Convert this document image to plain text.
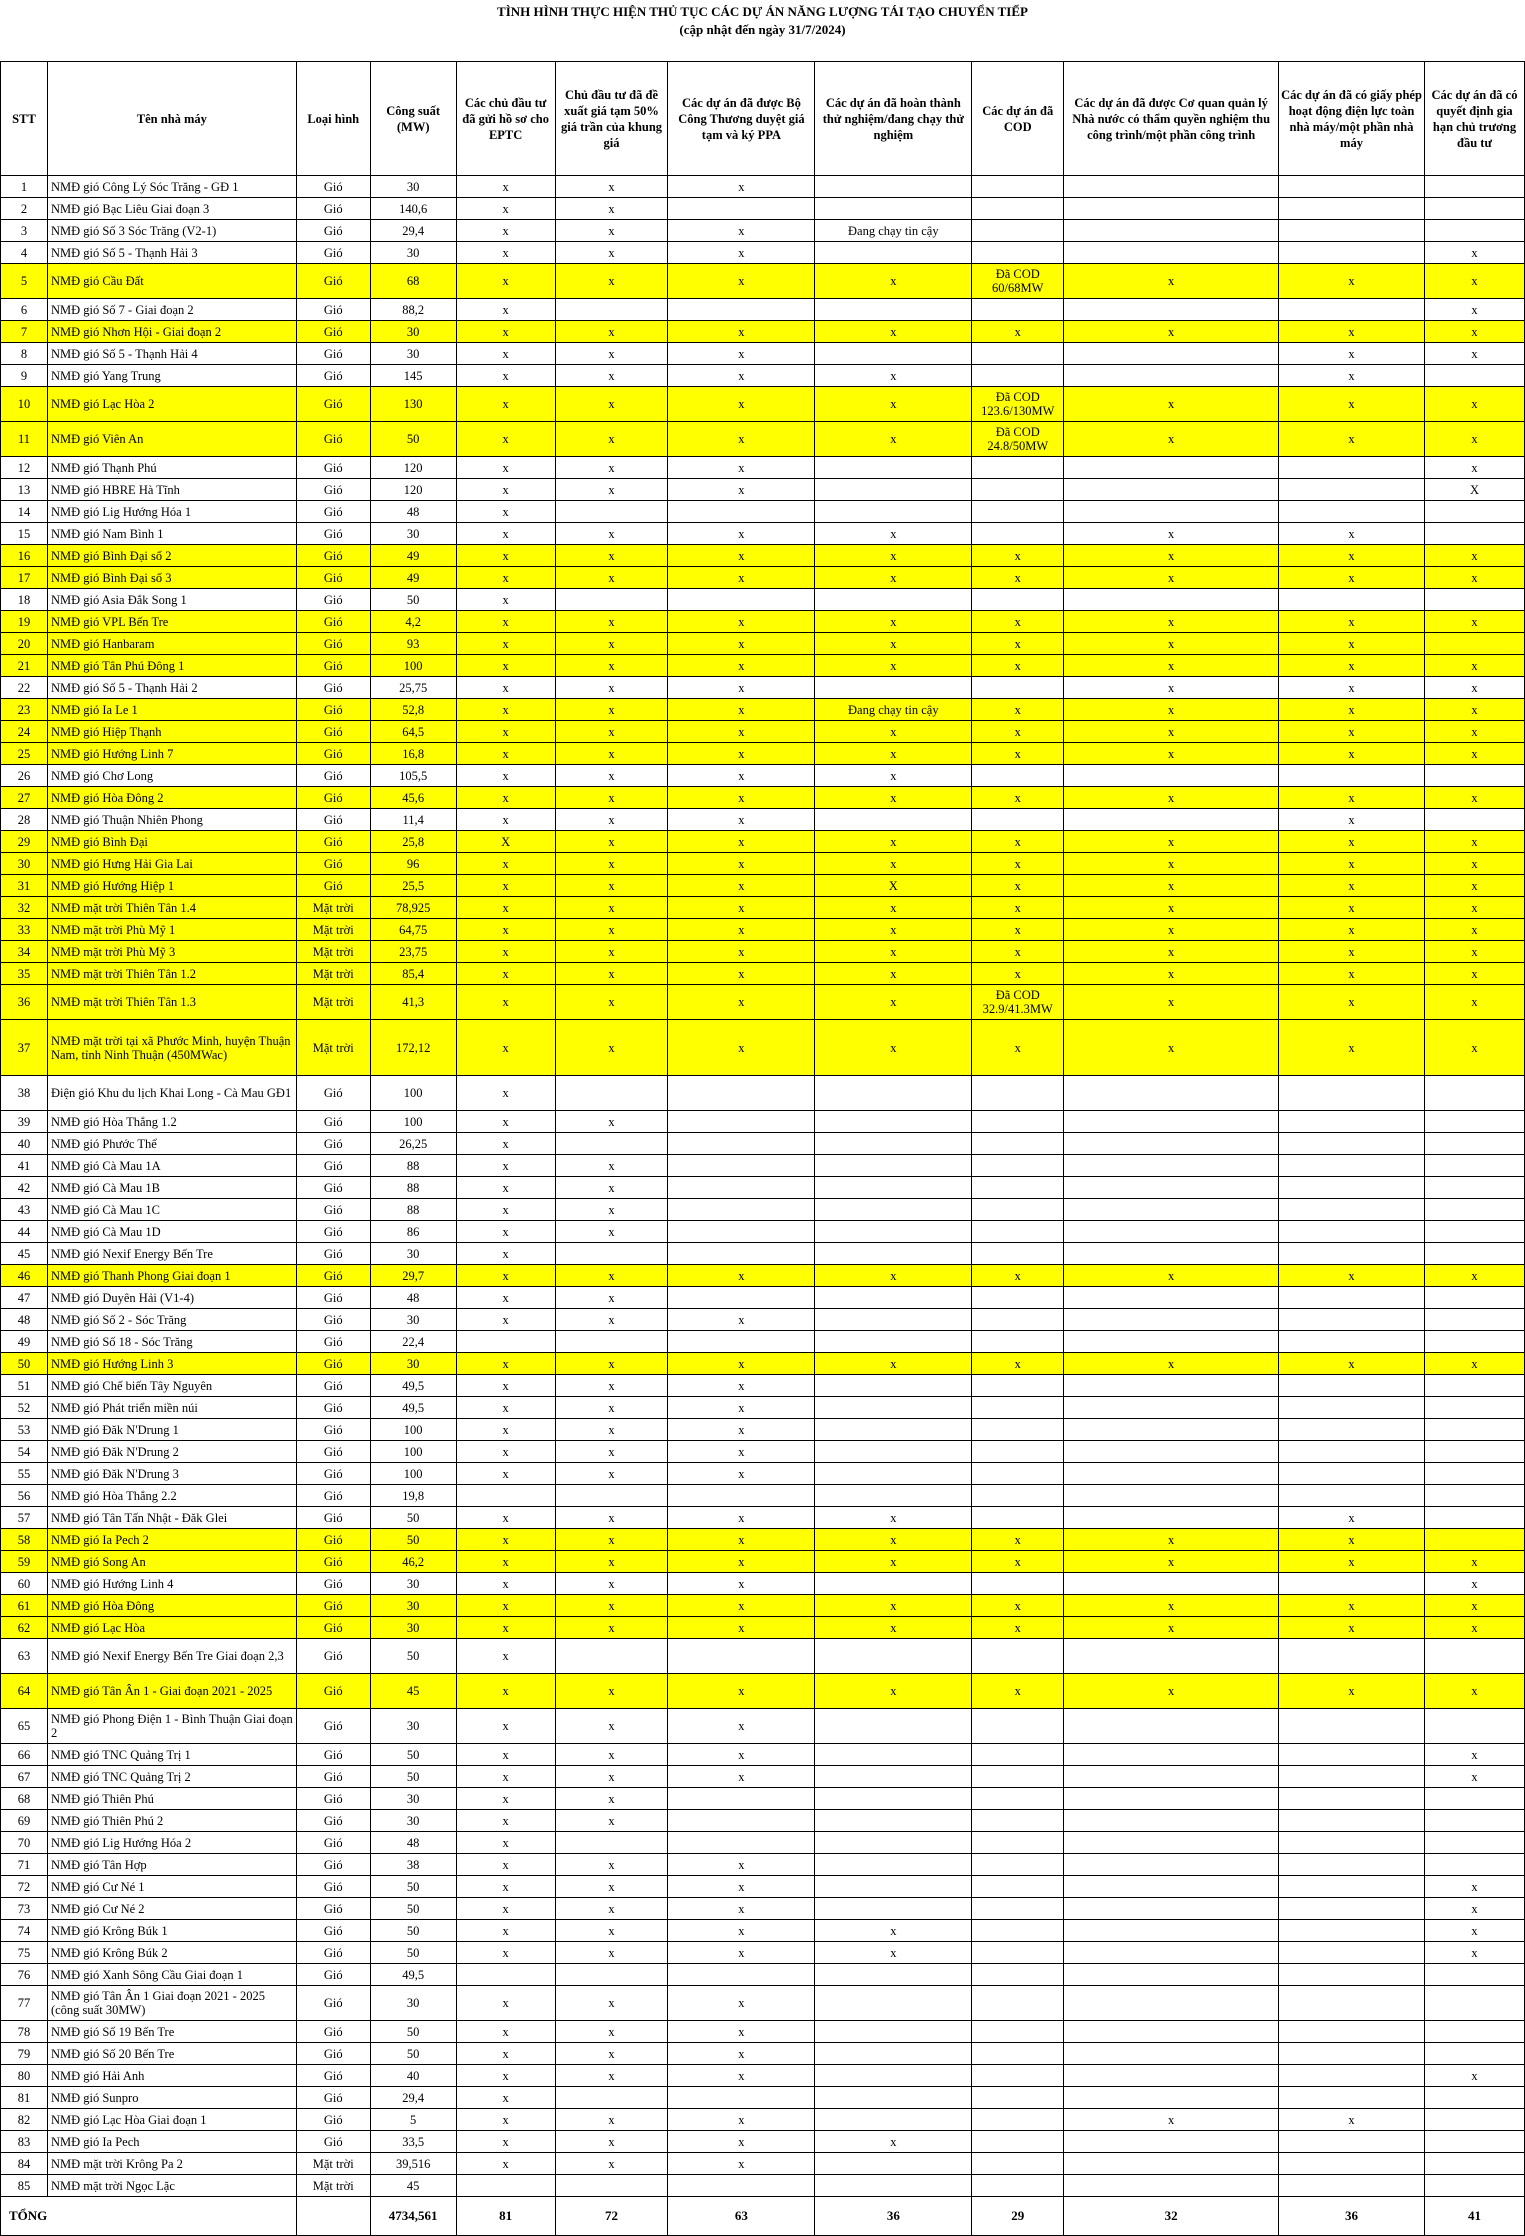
TÌNH HÌNH THỰC HIỆN THỦ TỤC CÁC DỰ ÁN NĂNG LƯỢNG TÁI TẠO CHUYỂN TIẾP
(cập nhật đến ngày 31/7/2024)
STT	Tên nhà máy	Loại hình	Công suất (MW)	Các chủ đầu tư đã gửi hồ sơ cho EPTC	Chủ đầu tư đã đề xuất giá tạm 50% giá trần của khung giá	Các dự án đã được Bộ Công Thương duyệt giá tạm và ký PPA	Các dự án đã hoàn thành thử nghiệm/đang chạy thử nghiệm	Các dự án đã COD	Các dự án đã được Cơ quan quản lý Nhà nước có thẩm quyền nghiệm thu công trình/một phần công trình	Các dự án đã có giấy phép hoạt động điện lực toàn nhà máy/một phần nhà máy	Các dự án đã có quyết định gia hạn chủ trương đầu tư
1	NMĐ gió Công Lý Sóc Trăng - GĐ 1	Gió	30	x	x	x					
2	NMĐ gió Bạc Liêu Giai đoạn 3	Gió	140,6	x	x						
3	NMĐ gió Số 3 Sóc Trăng (V2-1)	Gió	29,4	x	x	x	Đang chạy tin cậy				
4	NMĐ gió Số 5 - Thạnh Hải 3	Gió	30	x	x	x					x
5	NMĐ gió Cầu Đất	Gió	68	x	x	x	x	Đã COD 60/68MW	x	x	x
6	NMĐ gió Số 7 - Giai đoạn 2	Gió	88,2	x							x
7	NMĐ gió Nhơn Hội - Giai đoạn 2	Gió	30	x	x	x	x	x	x	x	x
8	NMĐ gió Số 5 - Thạnh Hải 4	Gió	30	x	x	x				x	x
9	NMĐ gió Yang Trung	Gió	145	x	x	x	x			x	
10	NMĐ gió Lạc Hòa 2	Gió	130	x	x	x	x	Đã COD 123.6/130MW	x	x	x
11	NMĐ gió Viên An	Gió	50	x	x	x	x	Đã COD 24.8/50MW	x	x	x
12	NMĐ gió Thạnh Phú	Gió	120	x	x	x					x
13	NMĐ gió HBRE Hà Tĩnh	Gió	120	x	x	x					X
14	NMĐ gió Lig Hướng Hóa 1	Gió	48	x							
15	NMĐ gió Nam Bình 1	Gió	30	x	x	x	x		x	x	
16	NMĐ gió Bình Đại số 2	Gió	49	x	x	x	x	x	x	x	x
17	NMĐ gió Bình Đại số 3	Gió	49	x	x	x	x	x	x	x	x
18	NMĐ gió Asia Đắk Song 1	Gió	50	x							
19	NMĐ gió VPL Bến Tre	Gió	4,2	x	x	x	x	x	x	x	x
20	NMĐ gió Hanbaram	Gió	93	x	x	x	x	x	x	x	
21	NMĐ gió Tân Phú Đông 1	Gió	100	x	x	x	x	x	x	x	x
22	NMĐ gió Số 5 - Thạnh Hải 2	Gió	25,75	x	x	x			x	x	x
23	NMĐ gió Ia Le 1	Gió	52,8	x	x	x	Đang chạy tin cậy	x	x	x	x
24	NMĐ gió Hiệp Thạnh	Gió	64,5	x	x	x	x	x	x	x	x
25	NMĐ gió Hướng Linh 7	Gió	16,8	x	x	x	x	x	x	x	x
26	NMĐ gió Chơ Long	Gió	105,5	x	x	x	x				
27	NMĐ gió Hòa Đông 2	Gió	45,6	x	x	x	x	x	x	x	x
28	NMĐ gió Thuận Nhiên Phong	Gió	11,4	x	x	x				x	
29	NMĐ gió Bình Đại	Gió	25,8	X	x	x	x	x	x	x	x
30	NMĐ gió Hưng Hải Gia Lai	Gió	96	x	x	x	x	x	x	x	x
31	NMĐ gió Hướng Hiệp 1	Gió	25,5	x	x	x	X	x	x	x	x
32	NMĐ mặt trời Thiên Tân 1.4	Mặt trời	78,925	x	x	x	x	x	x	x	x
33	NMĐ mặt trời Phù Mỹ 1	Mặt trời	64,75	x	x	x	x	x	x	x	x
34	NMĐ mặt trời Phù Mỹ 3	Mặt trời	23,75	x	x	x	x	x	x	x	x
35	NMĐ mặt trời Thiên Tân 1.2	Mặt trời	85,4	x	x	x	x	x	x	x	x
36	NMĐ mặt trời Thiên Tân 1.3	Mặt trời	41,3	x	x	x	x	Đã COD 32.9/41.3MW	x	x	x
37	NMĐ mặt trời tại xã Phước Minh, huyện Thuận Nam, tỉnh Ninh Thuận (450MWac)	Mặt trời	172,12	x	x	x	x	x	x	x	x
38	Điện gió Khu du lịch Khai Long - Cà Mau GĐ1	Gió	100	x							
39	NMĐ gió Hòa Thắng 1.2	Gió	100	x	x						
40	NMĐ gió Phước Thể	Gió	26,25	x							
41	NMĐ gió Cà Mau 1A	Gió	88	x	x						
42	NMĐ gió Cà Mau 1B	Gió	88	x	x						
43	NMĐ gió Cà Mau 1C	Gió	88	x	x						
44	NMĐ gió Cà Mau 1D	Gió	86	x	x						
45	NMĐ gió Nexif Energy Bến Tre	Gió	30	x							
46	NMĐ gió Thanh Phong Giai đoạn 1	Gió	29,7	x	x	x	x	x	x	x	x
47	NMĐ gió Duyên Hải (V1-4)	Gió	48	x	x						
48	NMĐ gió Số 2 - Sóc Trăng	Gió	30	x	x	x					
49	NMĐ gió Số 18 - Sóc Trăng	Gió	22,4								
50	NMĐ gió Hướng Linh 3	Gió	30	x	x	x	x	x	x	x	x
51	NMĐ gió Chế biến Tây Nguyên	Gió	49,5	x	x	x					
52	NMĐ gió Phát triển miền núi	Gió	49,5	x	x	x					
53	NMĐ gió Đăk N'Drung 1	Gió	100	x	x	x					
54	NMĐ gió Đăk N'Drung 2	Gió	100	x	x	x					
55	NMĐ gió Đăk N'Drung 3	Gió	100	x	x	x					
56	NMĐ gió Hòa Thắng 2.2	Gió	19,8								
57	NMĐ gió Tân Tấn Nhật - Đăk Glei	Gió	50	x	x	x	x			x	
58	NMĐ gió Ia Pech 2	Gió	50	x	x	x	x	x	x	x	
59	NMĐ gió Song An	Gió	46,2	x	x	x	x	x	x	x	x
60	NMĐ gió Hướng Linh 4	Gió	30	x	x	x					x
61	NMĐ gió Hòa Đông	Gió	30	x	x	x	x	x	x	x	x
62	NMĐ gió Lạc Hòa	Gió	30	x	x	x	x	x	x	x	x
63	NMĐ gió Nexif Energy Bến Tre Giai đoạn 2,3	Gió	50	x							
64	NMĐ gió Tân Ân 1 - Giai đoạn 2021 - 2025	Gió	45	x	x	x	x	x	x	x	x
65	NMĐ gió Phong Điện 1 - Bình Thuận Giai đoạn 2	Gió	30	x	x	x					
66	NMĐ gió TNC Quảng Trị 1	Gió	50	x	x	x					x
67	NMĐ gió TNC Quảng Trị 2	Gió	50	x	x	x					x
68	NMĐ gió Thiên Phú	Gió	30	x	x						
69	NMĐ gió Thiên Phú 2	Gió	30	x	x						
70	NMĐ gió Lig Hướng Hóa 2	Gió	48	x							
71	NMĐ gió Tân Hợp	Gió	38	x	x	x					
72	NMĐ gió Cư Né 1	Gió	50	x	x	x					x
73	NMĐ gió Cư Né 2	Gió	50	x	x	x					x
74	NMĐ gió Krông Búk 1	Gió	50	x	x	x	x				x
75	NMĐ gió Krông Búk 2	Gió	50	x	x	x	x				x
76	NMĐ gió Xanh Sông Cầu Giai đoạn 1	Gió	49,5								
77	NMĐ gió Tân Ân 1 Giai đoạn 2021 - 2025 (công suất 30MW)	Gió	30	x	x	x					
78	NMĐ gió Số 19 Bến Tre	Gió	50	x	x	x					
79	NMĐ gió Số 20 Bến Tre	Gió	50	x	x	x					
80	NMĐ gió Hải Anh	Gió	40	x	x	x					x
81	NMĐ gió Sunpro	Gió	29,4	x							
82	NMĐ gió Lạc Hòa Giai đoạn 1	Gió	5	x	x	x			x	x	
83	NMĐ gió Ia Pech	Gió	33,5	x	x	x	x				
84	NMĐ mặt trời Krông Pa 2	Mặt trời	39,516	x	x	x					
85	NMĐ mặt trời Ngọc Lặc	Mặt trời	45								
TỔNG			4734,561	81	72	63	36	29	32	36	41
